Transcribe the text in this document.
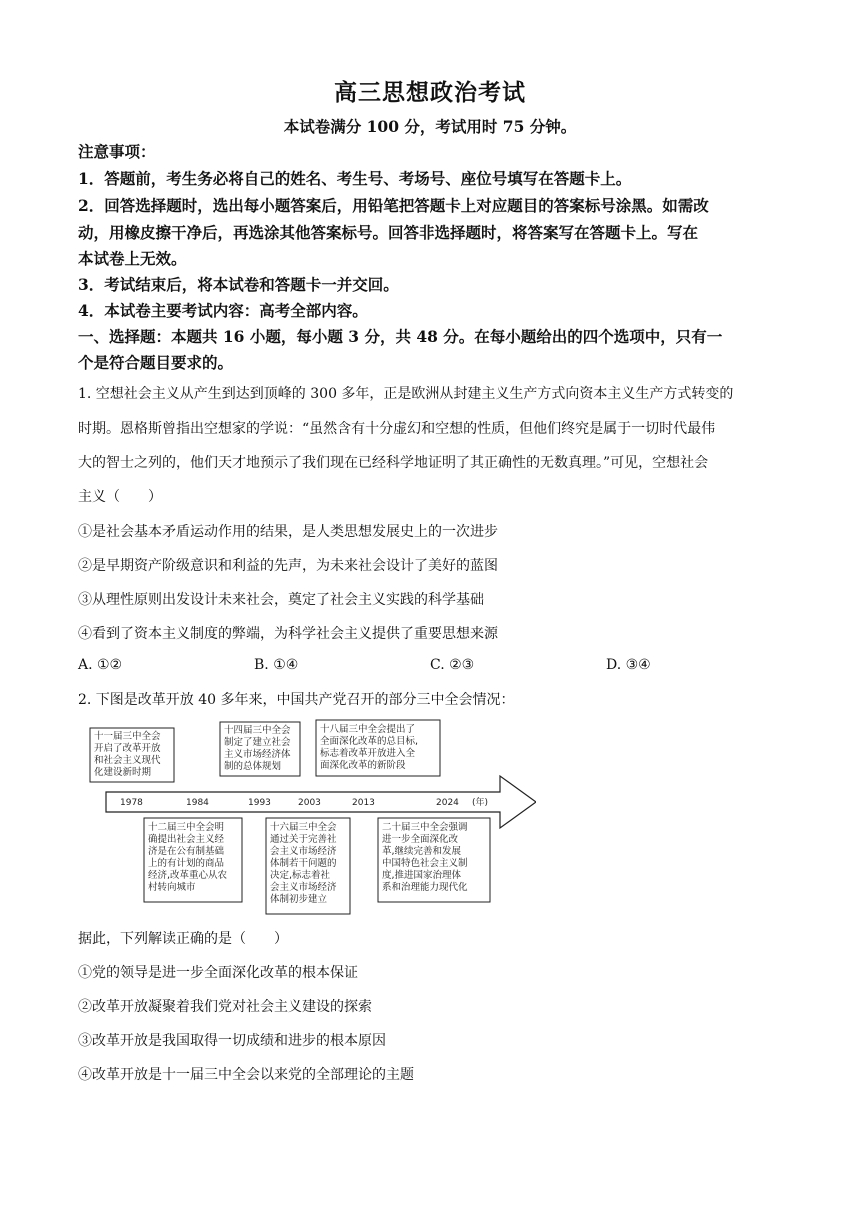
高三思想政治考试
本试卷满分 100 分，考试用时 75 分钟。
注意事项：
1．答题前，考生务必将自己的姓名、考生号、考场号、座位号填写在答题卡上。
2．回答选择题时，选出每小题答案后，用铅笔把答题卡上对应题目的答案标号涂黑。如需改
动，用橡皮擦干净后，再选涂其他答案标号。回答非选择题时，将答案写在答题卡上。写在
本试卷上无效。
3．考试结束后，将本试卷和答题卡一并交回。
4．本试卷主要考试内容：高考全部内容。
一、选择题：本题共 16 小题，每小题 3 分，共 48 分。在每小题给出的四个选项中，只有一
个是符合题目要求的。
1. 空想社会主义从产生到达到顶峰的 300 多年，正是欧洲从封建主义生产方式向资本主义生产方式转变的
时期。恩格斯曾指出空想家的学说：“虽然含有十分虚幻和空想的性质，但他们终究是属于一切时代最伟
大的智士之列的，他们天才地预示了我们现在已经科学地证明了其正确性的无数真理。”可见，空想社会
主义（　　）
①是社会基本矛盾运动作用的结果，是人类思想发展史上的一次进步
②是早期资产阶级意识和利益的先声，为未来社会设计了美好的蓝图
③从理性原则出发设计未来社会，奠定了社会主义实践的科学基础
④看到了资本主义制度的弊端，为科学社会主义提供了重要思想来源
A. ①②	B. ①④	C. ②③	D. ③④
2. 下图是改革开放 40 多年来，中国共产党召开的部分三中全会情况：
1978	1984	1993	2003	2013	2024 (年)
十一届三中全会
开启了改革开放
和社会主义现代
化建设新时期
十四届三中全会
制定了建立社会
主义市场经济体
制的总体规划
十八届三中全会提出了
全面深化改革的总目标,
标志着改革开放进入全
面深化改革的新阶段
十二届三中全会明
确提出社会主义经
济是在公有制基础
上的有计划的商品
经济,改革重心从农
村转向城市
十六届三中全会
通过关于完善社
会主义市场经济
体制若干问题的
决定,标志着社
会主义市场经济
体制初步建立
二十届三中全会强调
进一步全面深化改
革,继续完善和发展
中国特色社会主义制
度,推进国家治理体
系和治理能力现代化
据此，下列解读正确的是（　　）
①党的领导是进一步全面深化改革的根本保证
②改革开放凝聚着我们党对社会主义建设的探索
③改革开放是我国取得一切成绩和进步的根本原因
④改革开放是十一届三中全会以来党的全部理论的主题
